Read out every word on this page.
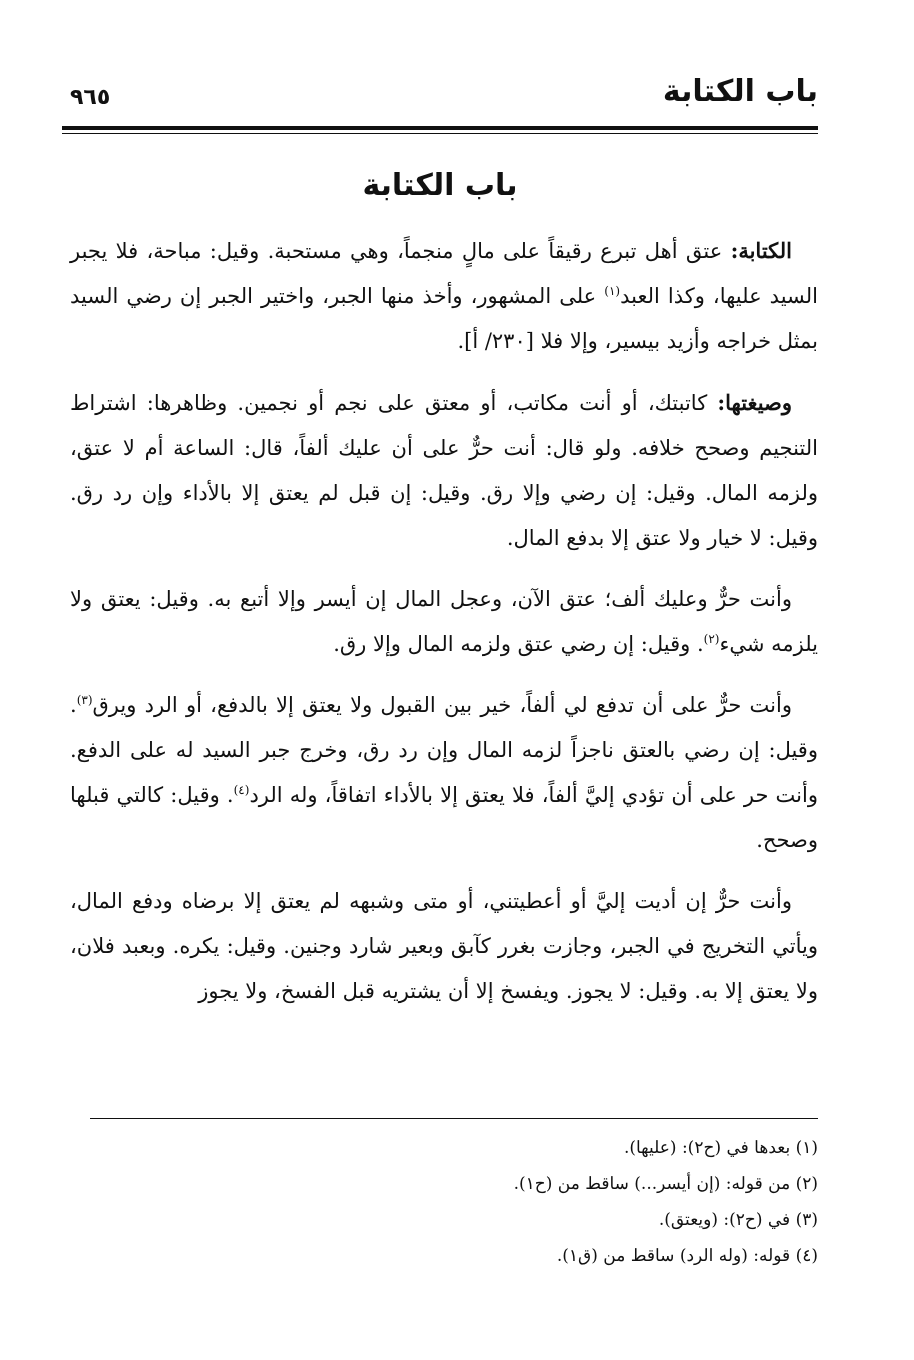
باب الكتابة
٩٦٥
باب الكتابة

الكتابة: عتق أهل تبرع رقيقاً على مالٍ منجماً، وهي مستحبة. وقيل: مباحة، فلا يجبر السيد عليها، وكذا العبد$^{(١)}$ على المشهور، وأخذ منها الجبر، واختير الجبر إن رضي السيد بمثل خراجه وأزيد بيسير، وإلا فلا [٢٣٠/ أ].

وصيغتها: كاتبتك، أو أنت مكاتب، أو معتق على نجم أو نجمين. وظاهرها: اشتراط التنجيم وصحح خلافه. ولو قال: أنت حرٌّ على أن عليك ألفاً، قال: الساعة أم لا عتق، ولزمه المال. وقيل: إن رضي وإلا رق. وقيل: إن قبل لم يعتق إلا بالأداء وإن رد رق. وقيل: لا خيار ولا عتق إلا بدفع المال.

وأنت حرٌّ وعليك ألف؛ عتق الآن، وعجل المال إن أيسر وإلا أتبع به. وقيل: يعتق ولا يلزمه شيء$^{(٢)}$. وقيل: إن رضي عتق ولزمه المال وإلا رق.

وأنت حرٌّ على أن تدفع لي ألفاً، خير بين القبول ولا يعتق إلا بالدفع، أو الرد ويرق$^{(٣)}$. وقيل: إن رضي بالعتق ناجزاً لزمه المال وإن رد رق، وخرج جبر السيد له على الدفع. وأنت حر على أن تؤدي إليَّ ألفاً، فلا يعتق إلا بالأداء اتفاقاً، وله الرد$^{(٤)}$. وقيل: كالتي قبلها وصحح.

وأنت حرٌّ إن أديت إليَّ أو أعطيتني، أو متى وشبهه لم يعتق إلا برضاه ودفع المال، ويأتي التخريج في الجبر، وجازت بغرر كآبق وبعير شارد وجنين. وقيل: يكره. وبعبد فلان، ولا يعتق إلا به. وقيل: لا يجوز. ويفسخ إلا أن يشتريه قبل الفسخ، ولا يجوز

(١) بعدها في (ح٢): (عليها).

(٢) من قوله: (إن أيسر...) ساقط من (ح١).

(٣) في (ح٢): (ويعتق).

(٤) قوله: (وله الرد) ساقط من (ق١).
